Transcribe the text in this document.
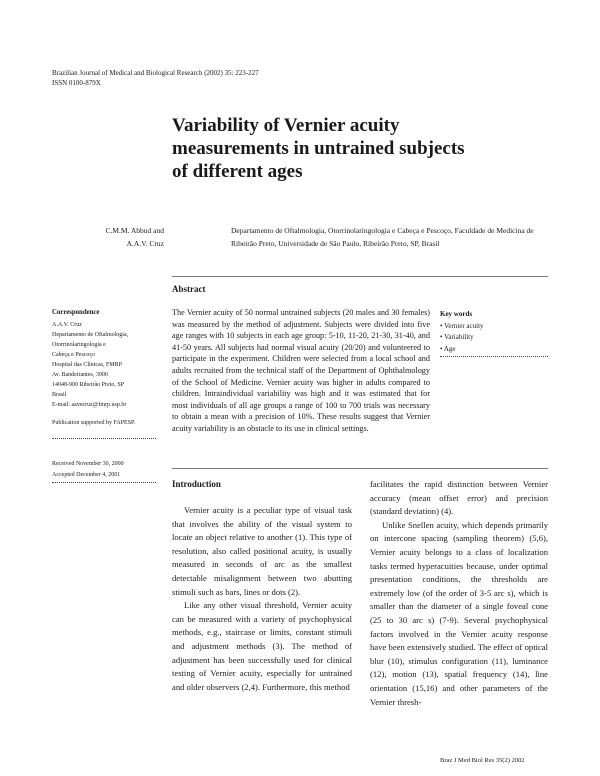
Brazilian Journal of Medical and Biological Research (2002) 35: 223-227
ISSN 0100-879X
Variability of Vernier acuity measurements in untrained subjects of different ages
C.M.M. Abbud and
A.A.V. Cruz
Departamento de Oftalmologia, Otorrinolaringologia e Cabeça e Pescoço, Faculdade de Medicina de Ribeirão Preto, Universidade de São Paulo, Ribeirão Preto, SP, Brasil
Abstract
The Vernier acuity of 50 normal untrained subjects (20 males and 30 females) was measured by the method of adjustment. Subjects were divided into five age ranges with 10 subjects in each age group: 5-10, 11-20, 21-30, 31-40, and 41-50 years. All subjects had normal visual acuity (20/20) and volunteered to participate in the experiment. Children were selected from a local school and adults recruited from the technical staff of the Department of Ophthalmology of the School of Medicine. Vernier acuity was higher in adults compared to children. Intraindividual variability was high and it was estimated that for most individuals of all age groups a range of 100 to 700 trials was necessary to obtain a mean with a precision of 10%. These results suggest that Vernier acuity variability is an obstacle to its use in clinical settings.
Correspondence
A.A.V. Cruz
Departamento de Oftalmologia,
Otorrinolaringologia e
Cabeça e Pescoço
Hospital das Clínicas, FMRP
Av. Bandeirantes, 3900
14048-900 Ribeirão Preto, SP
Brasil
E-mail: aavecruz@fmrp.usp.br
Publication supported by FAPESP.
Received November 30, 2000
Accepted December 4, 2001
Key words
• Vernier acuity
• Variability
• Age
Introduction

Vernier acuity is a peculiar type of visual task that involves the ability of the visual system to locate an object relative to another (1). This type of resolution, also called positional acuity, is usually measured in seconds of arc as the smallest detectable misalignment between two abutting stimuli such as bars, lines or dots (2).

Like any other visual threshold, Vernier acuity can be measured with a variety of psychophysical methods, e.g., staircase or limits, constant stimuli and adjustment methods (3). The method of adjustment has been successfully used for clinical testing of Vernier acuity, especially for untrained and older observers (2,4). Furthermore, this method

facilitates the rapid distinction between Vernier accuracy (mean offset error) and precision (standard deviation) (4).

Unlike Snellen acuity, which depends primarily on intercone spacing (sampling theorem) (5,6), Vernier acuity belongs to a class of localization tasks termed hyperacuities because, under optimal presentation conditions, the thresholds are extremely low (of the order of 3-5 arc s), which is smaller than the diameter of a single foveal cone (25 to 30 arc s) (7-9). Several psychophysical factors involved in the Vernier acuity response have been extensively studied. The effect of optical blur (10), stimulus configuration (11), luminance (12), motion (13), spatial frequency (14), line orientation (15,16) and other parameters of the Vernier thresh-

Braz J Med Biol Res 35(2) 2002
